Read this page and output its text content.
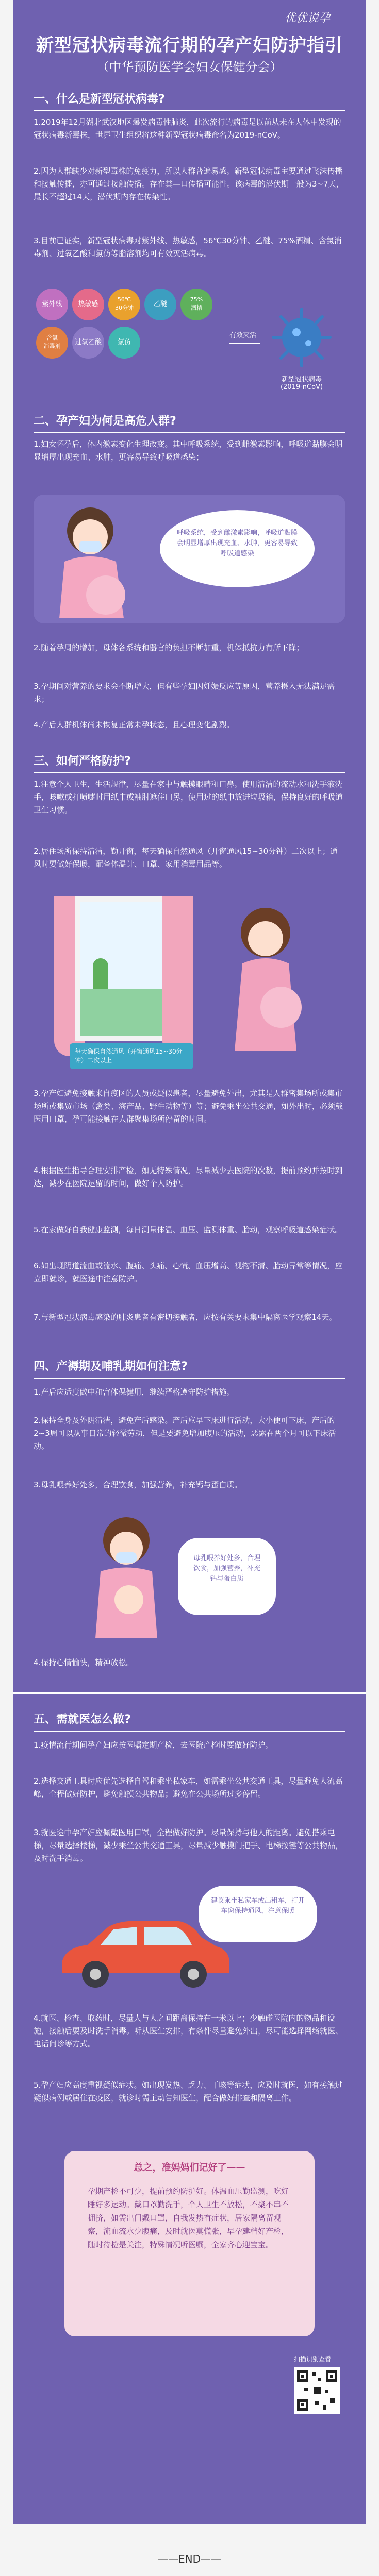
优优说孕
新型冠状病毒流行期的孕产妇防护指引
（中华预防医学会妇女保健分会）
一、什么是新型冠状病毒?
1.2019年12月湖北武汉地区爆发病毒性肺炎，此次流行的病毒是以前从未在人体中发现的冠状病毒新毒株，世界卫生组织将这种新型冠状病毒命名为2019-nCoV。
2.因为人群缺少对新型毒株的免疫力，所以人群普遍易感。新型冠状病毒主要通过飞沫传播和接触传播，亦可通过接触传播。存在粪—口传播可能性。该病毒的潜伏期一般为3~7天，最长不超过14天，潜伏期内存在传染性。
3.目前已证实，新型冠状病毒对紫外线、热敏感，56℃30分钟、乙醚、75%酒精、含氯消毒剂、过氧乙酸和氯仿等脂溶剂均可有效灭活病毒。
紫外线 热敏感56℃
30分钟	乙醚75%
酒精含氯
消毒剂 过氧乙酸 氯仿
有效灭活
新型冠状病毒
(2019-nCoV)
二、孕产妇为何是高危人群?
1.妇女怀孕后，体内激素变化生理改变。其中呼吸系统，受到雌激素影响，呼吸道黏膜会明显增厚出现充血、水肿，更容易导致呼吸道感染；
呼吸系统，受到雌激素影响，呼吸道黏膜会明显增厚出现充血、水肿，更容易导致呼吸道感染
2.随着孕周的增加，母体各系统和器官的负担不断加重，机体抵抗力有所下降；
3.孕期间对营养的要求会不断增大，但有些孕妇因妊娠反应等原因，营养摄入无法满足需求；
4.产后人群机体尚未恢复正常未孕状态，且心理变化剧烈。
三、如何严格防护?
1.注意个人卫生，生活规律，尽量在家中与触摸眼睛和口鼻。使用清洁的流动水和洗手液洗手，咳嗽或打喷嚏时用纸巾或袖肘遮住口鼻，使用过的纸巾放进垃圾箱，保持良好的呼吸道卫生习惯。
2.居住场所保持清洁，勤开窗，每天确保自然通风（开窗通风15~30分钟）二次以上；通风时要做好保暖，配备体温计、口罩、家用消毒用品等。
每天确保自然通风（开窗通风15~30分钟）二次以上
3.孕产妇避免接触来自疫区的人员或疑似患者，尽量避免外出，尤其是人群密集场所或集市场所或集贸市场（禽类、海产品、野生动物等）等；避免乘坐公共交通，如外出时，必须戴医用口罩，孕可能接触在人群聚集场所停留的时间。
4.根据医生指导合理安排产检，如无特殊情况，尽量减少去医院的次数，提前预约并按时到达，减少在医院逗留的时间，做好个人防护。
5.在家做好自我健康监测，每日测量体温、血压、监测体重、胎动，观察呼吸道感染症状。
6.如出现阴道流血或流水、腹痛、头痛、心慌、血压增高、视物不清、胎动异常等情况，应立即就诊，就医途中注意防护。
7.与新型冠状病毒感染的肺炎患者有密切接触者，应按有关要求集中隔离医学观察14天。
四、产褥期及哺乳期如何注意?
1.产后应适度做中和宫体保健用，继续严格遵守防护措施。
2.保持全身及外阴清洁，避免产后感染。产后应早下床进行活动，大小便可下床，产后的2~3周可以从事日常的轻微劳动，但是要避免增加腹压的活动，恶露在两个月可以下床活动。
3.母乳喂养好处多，合理饮食，加强营养，补充钙与蛋白质。
母乳喂养好处多，合理饮食，加强营养，补充钙与蛋白质
4.保持心情愉快，精神放松。
五、需就医怎么做?
1.疫情流行期间孕产妇应按医嘱定期产检，去医院产检时要做好防护。
2.选择交通工具时应优先选择自驾和乘坐私家车，如需乘坐公共交通工具，尽量避免人流高峰，全程做好防护，避免触摸公共物品；避免在公共场所过多停留。
3.就医途中孕产妇应佩戴医用口罩，全程做好防护。尽量保持与他人的距离。避免搭乘电梯，尽量选择楼梯，减少乘坐公共交通工具，尽量减少触摸门把手、电梯按键等公共物品，及时洗手消毒。
建议乘坐私家车或出租车，打开车窗保持通风，注意保暖
4.就医、检查、取药时，尽量人与人之间距离保持在一米以上；少触碰医院内的物品和设施，接触后要及时洗手消毒。听从医生安排，有条件尽量避免外出，尽可能选择网络就医、电话问诊等方式。
5.孕产妇应高度重视疑似症状。如出现发热、乏力、干咳等症状，应及时就医，如有接触过疑似病例或居住在疫区，就诊时需主动告知医生，配合做好排查和隔离工作。
总之，准妈妈们记好了——
孕期产检不可少，提前预约防护好。体温血压勤监测，吃好睡好多运动。戴口罩勤洗手，个人卫生不放松，不聚不串不拥挤，如需出门戴口罩，自我发热有症状，居家隔离留观察，流血流水少腹痛，及时就医莫慌张，早孕建档好产检，随时待检是关注，特殊情况听医嘱，全家齐心迎宝宝。
扫描识别查看
——END——
